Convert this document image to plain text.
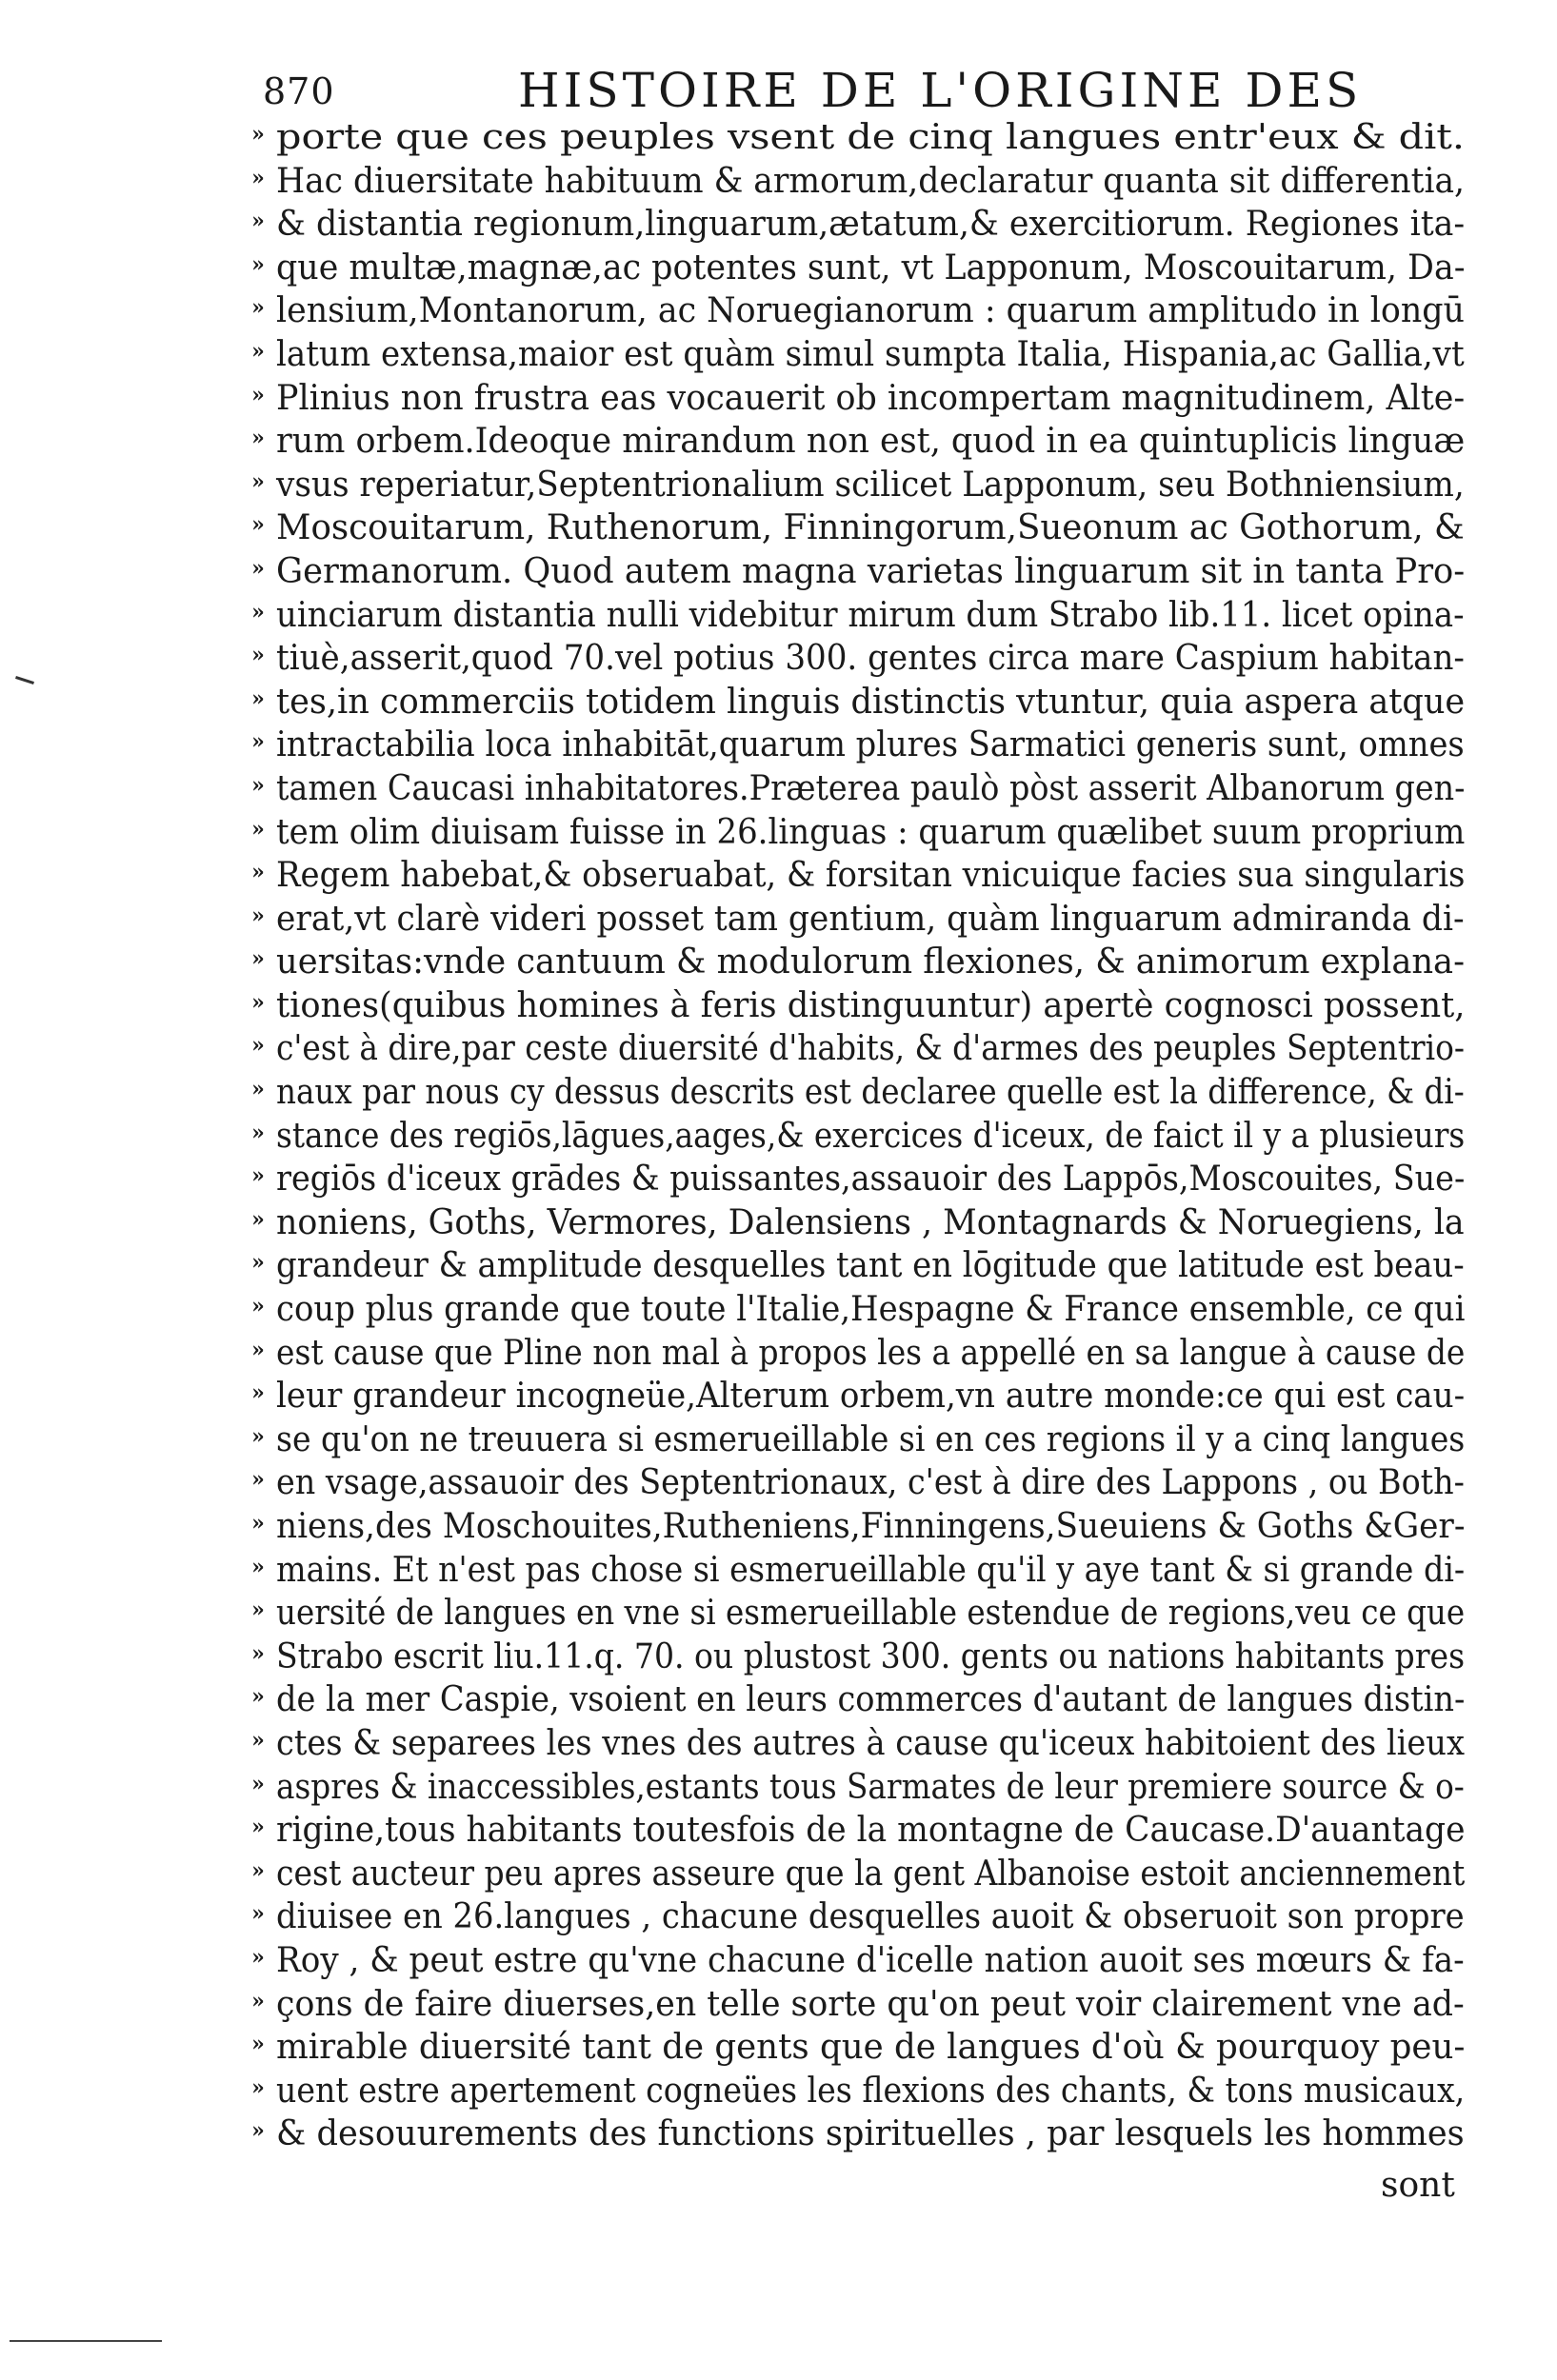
870	HISTOIRE DE L'ORIGINE DES
» porte que ces peuples vsent de cinq langues entr'eux & dit.
» Hac diuersitate habituum & armorum,declaratur quanta sit differentia,
» & distantia regionum,linguarum,ætatum,& exercitiorum. Regiones ita-
» que multæ,magnæ,ac potentes sunt, vt Lapponum, Moscouitarum, Da-
» lensium,Montanorum, ac Noruegianorum : quarum amplitudo in longū
» latum extensa,maior est quàm simul sumpta Italia, Hispania,ac Gallia,vt
» Plinius non frustra eas vocauerit ob incompertam magnitudinem, Alte-
» rum orbem.Ideoque mirandum non est, quod in ea quintuplicis linguæ
» vsus reperiatur,Septentrionalium scilicet Lapponum, seu Bothniensium,
» Moscouitarum, Ruthenorum, Finningorum,Sueonum ac Gothorum, &
» Germanorum. Quod autem magna varietas linguarum sit in tanta Pro-
» uinciarum distantia nulli videbitur mirum dum Strabo lib.11. licet opina-
» tiuè,asserit,quod 70.vel potius 300. gentes circa mare Caspium habitan-
» tes,in commerciis totidem linguis distinctis vtuntur, quia aspera atque
» intractabilia loca inhabitāt,quarum plures Sarmatici generis sunt, omnes
» tamen Caucasi inhabitatores.Præterea paulò pòst asserit Albanorum gen-
» tem olim diuisam fuisse in 26.linguas : quarum quælibet suum proprium
» Regem habebat,& obseruabat, & forsitan vnicuique facies sua singularis
» erat,vt clarè videri posset tam gentium, quàm linguarum admiranda di-
» uersitas:vnde cantuum & modulorum flexiones, & animorum explana-
» tiones(quibus homines à feris distinguuntur) apertè cognosci possent,
» c'est à dire,par ceste diuersité d'habits, & d'armes des peuples Septentrio-
» naux par nous cy dessus descrits est declaree quelle est la difference, & di-
» stance des regiōs,lāgues,aages,& exercices d'iceux, de faict il y a plusieurs
» regiōs d'iceux grādes & puissantes,assauoir des Lappōs,Moscouites, Sue-
» noniens, Goths, Vermores, Dalensiens , Montagnards & Noruegiens, la
» grandeur & amplitude desquelles tant en lōgitude que latitude est beau-
» coup plus grande que toute l'Italie,Hespagne & France ensemble, ce qui
» est cause que Pline non mal à propos les a appellé en sa langue à cause de
» leur grandeur incogneüe,Alterum orbem,vn autre monde:ce qui est cau-
» se qu'on ne treuuera si esmerueillable si en ces regions il y a cinq langues
» en vsage,assauoir des Septentrionaux, c'est à dire des Lappons , ou Both-
» niens,des Moschouites,Rutheniens,Finningens,Sueuiens & Goths &Ger-
» mains. Et n'est pas chose si esmerueillable qu'il y aye tant & si grande di-
» uersité de langues en vne si esmerueillable estendue de regions,veu ce que
» Strabo escrit liu.11.q. 70. ou plustost 300. gents ou nations habitants pres
» de la mer Caspie, vsoient en leurs commerces d'autant de langues distin-
» ctes & separees les vnes des autres à cause qu'iceux habitoient des lieux
» aspres & inaccessibles,estants tous Sarmates de leur premiere source & o-
» rigine,tous habitants toutesfois de la montagne de Caucase.D'auantage
» cest aucteur peu apres asseure que la gent Albanoise estoit anciennement
» diuisee en 26.langues , chacune desquelles auoit & obseruoit son propre
» Roy , & peut estre qu'vne chacune d'icelle nation auoit ses mœurs & fa-
» çons de faire diuerses,en telle sorte qu'on peut voir clairement vne ad-
» mirable diuersité tant de gents que de langues d'où & pourquoy peu-
» uent estre apertement cogneües les flexions des chants, & tons musicaux,
» & desouurements des functions spirituelles , par lesquels les hommes
sont
